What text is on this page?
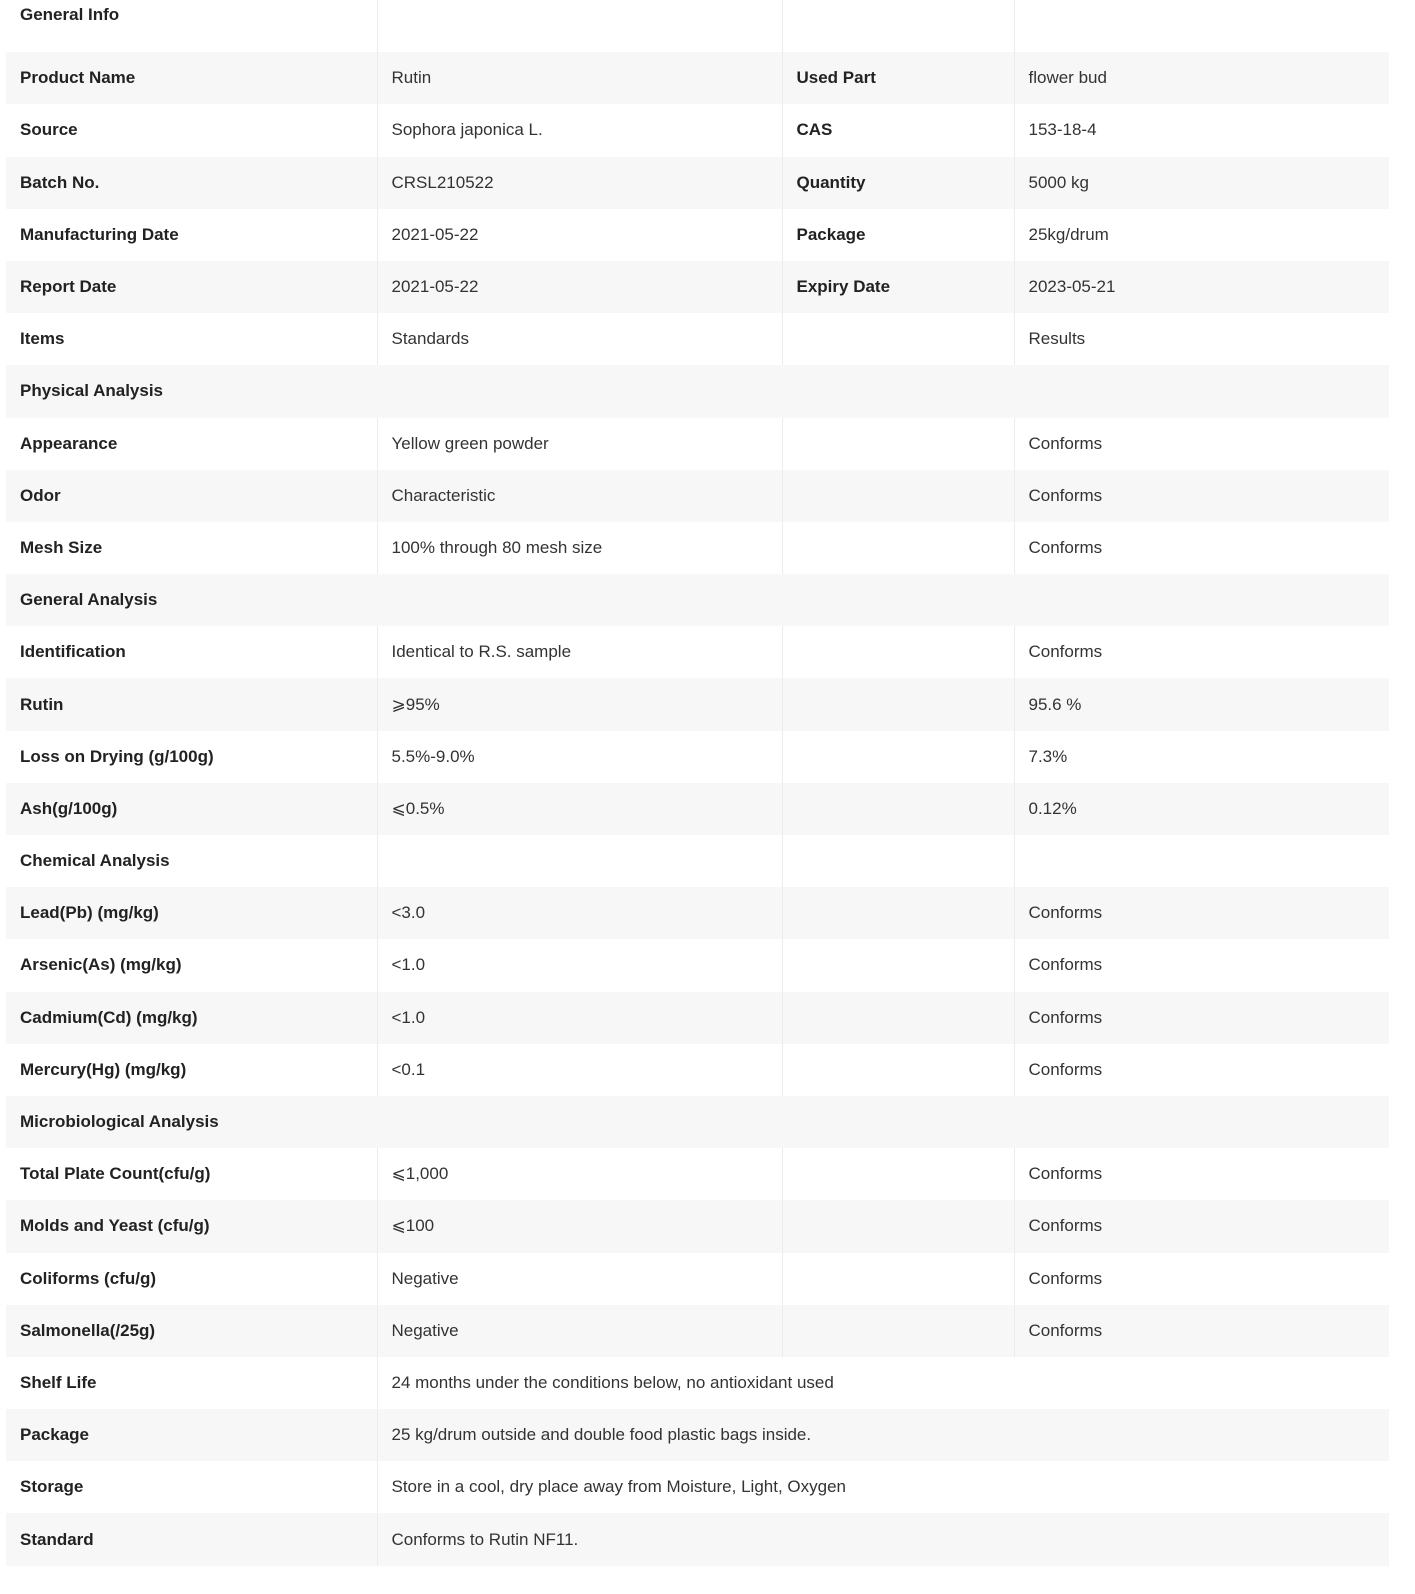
General Info			
Product Name	Rutin	Used Part	flower bud
Source	Sophora japonica L.	CAS	153-18-4
Batch No.	CRSL210522	Quantity	5000 kg
Manufacturing Date	2021-05-22	Package	25kg/drum
Report Date	2021-05-22	Expiry Date	2023-05-21
Items	Standards		Results
Physical Analysis			
Appearance	Yellow green powder		Conforms
Odor	Characteristic		Conforms
Mesh Size	100% through 80 mesh size		Conforms
General Analysis			
Identification	Identical to R.S. sample		Conforms
Rutin	⩾95%		95.6 %
Loss on Drying (g/100g)	5.5%-9.0%		7.3%
Ash(g/100g)	⩽0.5%		0.12%
Chemical Analysis			
Lead(Pb) (mg/kg)	<3.0		Conforms
Arsenic(As) (mg/kg)	<1.0		Conforms
Cadmium(Cd) (mg/kg)	<1.0		Conforms
Mercury(Hg) (mg/kg)	<0.1		Conforms
Microbiological Analysis			
Total Plate Count(cfu/g)	⩽1,000		Conforms
Molds and Yeast (cfu/g)	⩽100		Conforms
Coliforms (cfu/g)	Negative		Conforms
Salmonella(/25g)	Negative		Conforms
Shelf Life	24 months under the conditions below, no antioxidant used		
Package	25 kg/drum outside and double food plastic bags inside.		
Storage	Store in a cool, dry place away from Moisture, Light, Oxygen		
Standard	Conforms to Rutin NF11.		
